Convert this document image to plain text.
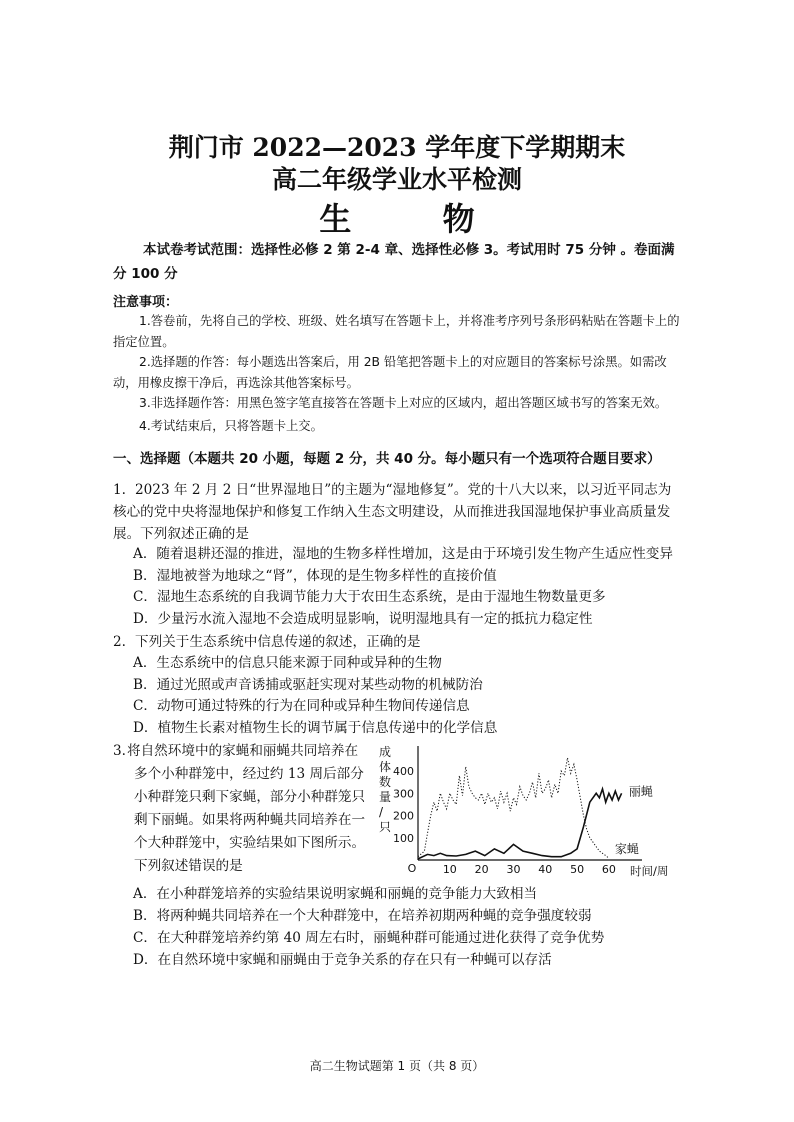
荆门市 2022—2023 学年度下学期期末
高二年级学业水平检测
生 物
本试卷考试范围：选择性必修 2 第 2-4 章、选择性必修 3。考试用时 75 分钟 。卷面满分 100 分
注意事项：
1.答卷前，先将自己的学校、班级、姓名填写在答题卡上，并将准考序列号条形码粘贴在答题卡上的指定位置。
2.选择题的作答：每小题选出答案后，用 2B 铅笔把答题卡上的对应题目的答案标号涂黑。如需改动，用橡皮擦干净后，再选涂其他答案标号。
3.非选择题作答：用黑色签字笔直接答在答题卡上对应的区域内，超出答题区域书写的答案无效。
4.考试结束后，只将答题卡上交。
一、选择题（本题共 20 小题，每题 2 分，共 40 分。每小题只有一个选项符合题目要求）
1. 2023 年 2 月 2 日“世界湿地日”的主题为“湿地修复”。党的十八大以来，以习近平同志为核心的党中央将湿地保护和修复工作纳入生态文明建设，从而推进我国湿地保护事业高质量发展。下列叙述正确的是
A．随着退耕还湿的推进，湿地的生物多样性增加，这是由于环境引发生物产生适应性变异
B．湿地被誉为地球之“肾”，体现的是生物多样性的直接价值
C．湿地生态系统的自我调节能力大于农田生态系统，是由于湿地生物数量更多
D．少量污水流入湿地不会造成明显影响，说明湿地具有一定的抵抗力稳定性
2. 下列关于生态系统中信息传递的叙述，正确的是
A．生态系统中的信息只能来源于同种或异种的生物
B．通过光照或声音诱捕或驱赶实现对某些动物的机械防治
C．动物可通过特殊的行为在同种或异种生物间传递信息
D．植物生长素对植物生长的调节属于信息传递中的化学信息
3.将自然环境中的家蝇和丽蝇共同培养在
多个小种群笼中，经过约 13 周后部分
小种群笼只剩下家蝇，部分小种群笼只
剩下丽蝇。如果将两种蝇共同培养在一
个大种群笼中，实验结果如下图所示。
下列叙述错误的是
成
体
数
量
/
只
100
200
300
400
10 20 30 40 50 60
O	时间/周
丽蝇
家蝇
A．在小种群笼培养的实验结果说明家蝇和丽蝇的竞争能力大致相当
B．将两种蝇共同培养在一个大种群笼中，在培养初期两种蝇的竞争强度较弱
C．在大种群笼培养约第 40 周左右时，丽蝇种群可能通过进化获得了竞争优势
D．在自然环境中家蝇和丽蝇由于竞争关系的存在只有一种蝇可以存活
高二生物试题第 1 页（共 8 页）
